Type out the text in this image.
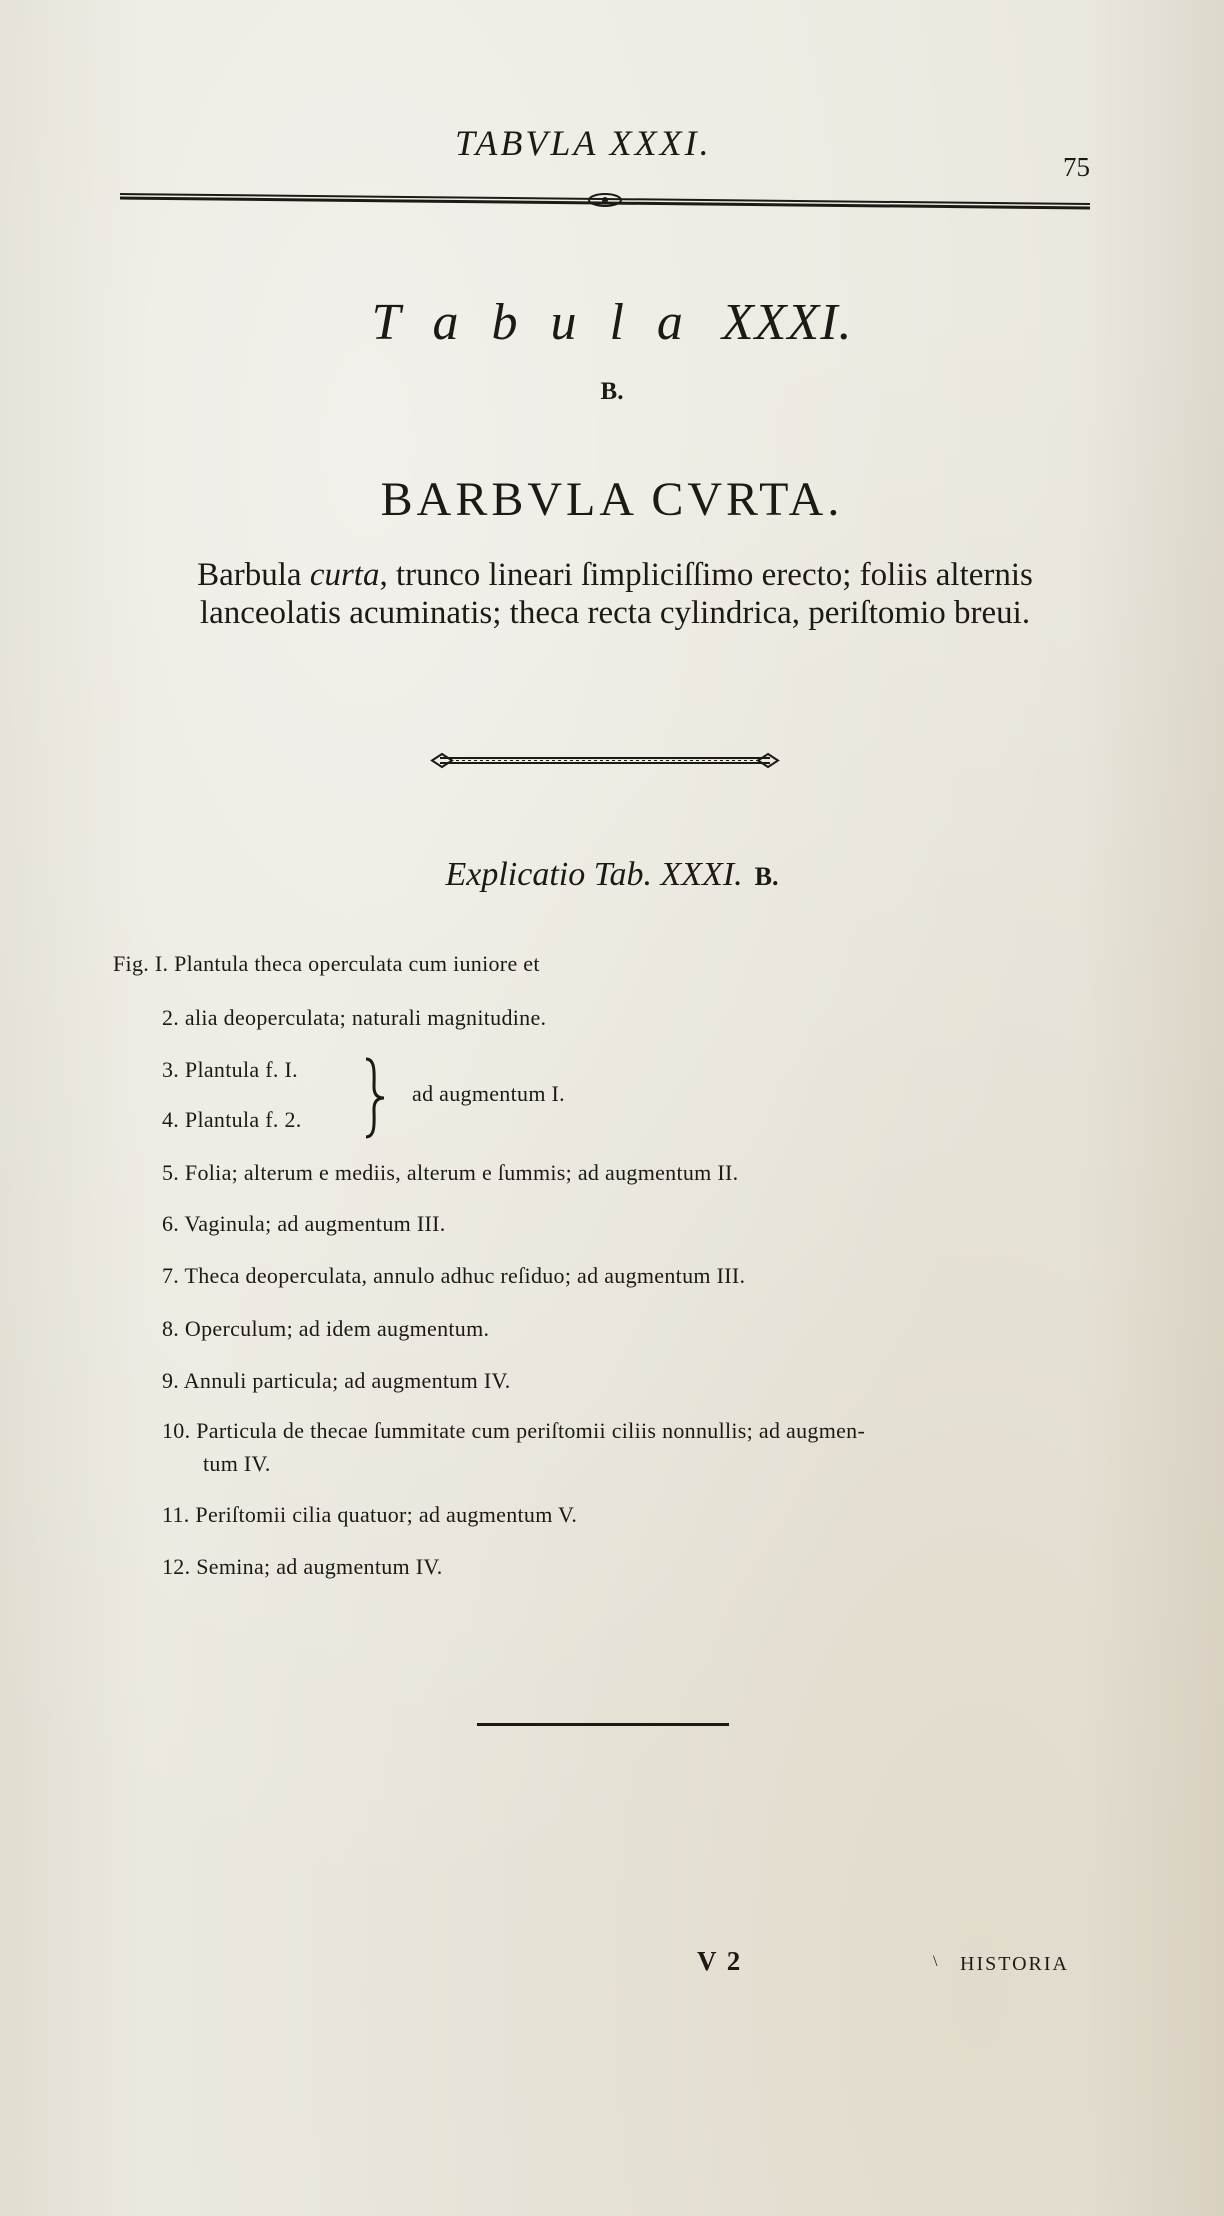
TABVLA XXXI.
75
T a b u l a XXXI.
B.
BARBVLA CVRTA.
Barbula curta, trunco lineari ſimpliciſſimo erecto; foliis alternis lanceolatis acuminatis; theca recta cylindrica, periſtomio breui.
Explicatio Tab. XXXI. B.
Fig. I. Plantula theca operculata cum iuniore et
2. alia deoperculata; naturali magnitudine.
3. Plantula f. I.
4. Plantula f. 2.
ad augmentum I.
5. Folia; alterum e mediis, alterum e ſummis; ad augmentum II.
6. Vaginula; ad augmentum III.
7. Theca deoperculata, annulo adhuc reſiduo; ad augmentum III.
8. Operculum; ad idem augmentum.
9. Annuli particula; ad augmentum IV.
10. Particula de thecae ſummitate cum periſtomii ciliis nonnullis; ad augmen-
tum IV.
11. Periſtomii cilia quatuor; ad augmentum V.
12. Semina; ad augmentum IV.
V 2	\ HISTORIA
